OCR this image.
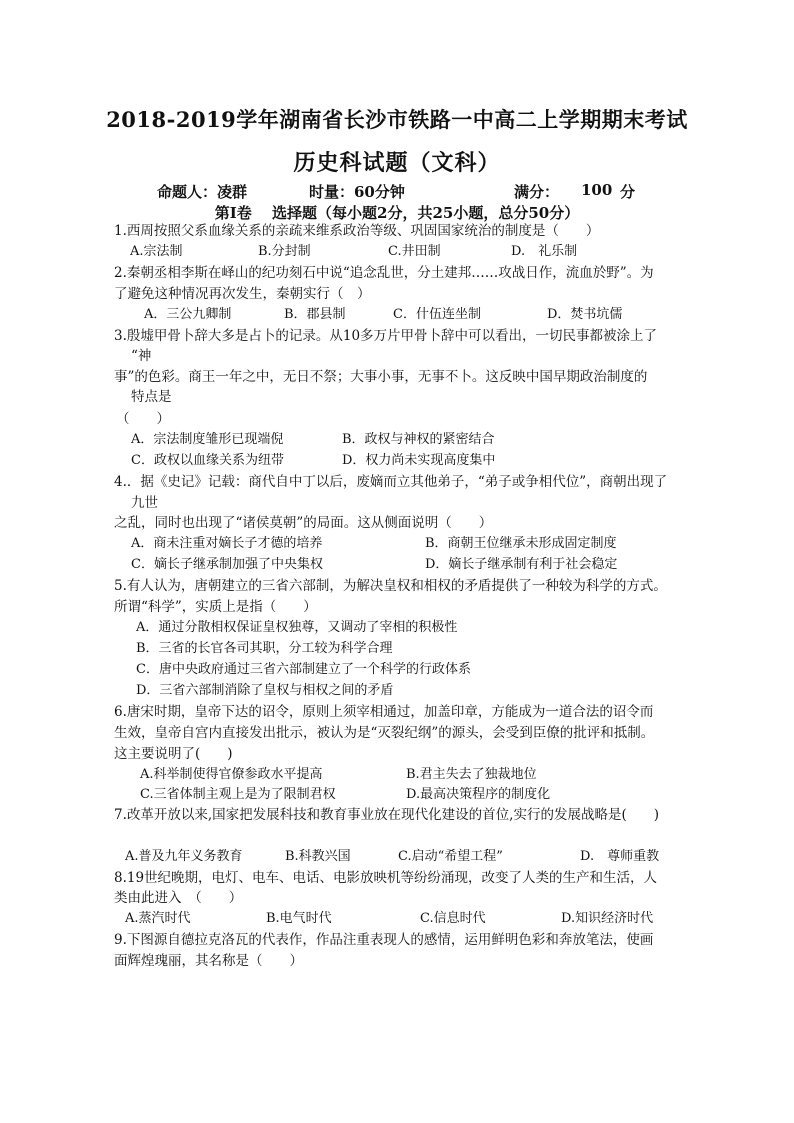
2018-2019学年湖南省长沙市铁路一中高二上学期期末考试
历史科试题（文科）
命题人：凌群	时量：60分钟	满分： 100 分
第Ⅰ卷　 选择题（每小题2分，共25小题，总分50分）
1.西周按照父系血缘关系的亲疏来维系政治等级、巩固国家统治的制度是（　　）
A.宗法制	B.分封制	C.井田制	D.　礼乐制
2.秦朝丞相李斯在峄山的纪功刻石中说“追念乱世，分土建邦……攻战日作，流血於野”。为
了避免这种情况再次发生，秦朝实行（　）
A．三公九卿制	B．郡县制	C．什伍连坐制	D．焚书坑儒
3.殷墟甲骨卜辞大多是占卜的记录。从10多万片甲骨卜辞中可以看出，一切民事都被涂上了
“神
事”的色彩。商王一年之中，无日不祭；大事小事，无事不卜。这反映中国早期政治制度的
特点是
（　　）
A．宗法制度雏形已现端倪	B．政权与神权的紧密结合
C．政权以血缘关系为纽带	D．权力尚未实现高度集中
4.．据《史记》记载：商代自中丁以后，废嫡而立其他弟子，“弟子或争相代位”，商朝出现了
九世
之乱，同时也出现了“诸侯莫朝”的局面。这从侧面说明（　　）
A．商未注重对嫡长子才德的培养	B．商朝王位继承未形成固定制度
C．嫡长子继承制加强了中央集权	D．嫡长子继承制有利于社会稳定
5.有人认为，唐朝建立的三省六部制，为解决皇权和相权的矛盾提供了一种较为科学的方式。
所谓“科学”，实质上是指（　　）
A．通过分散相权保证皇权独尊，又调动了宰相的积极性
B．三省的长官各司其职，分工较为科学合理
C．唐中央政府通过三省六部制建立了一个科学的行政体系
D．三省六部制消除了皇权与相权之间的矛盾
6.唐宋时期，皇帝下达的诏令，原则上须宰相通过，加盖印章，方能成为一道合法的诏令而
生效，皇帝自宫内直接发出批示，被认为是“灭裂纪纲”的源头，会受到臣僚的批评和抵制。
这主要说明了(　　)
A.科举制使得官僚参政水平提高	B.君主失去了独裁地位
C.三省体制主观上是为了限制君权	D.最高决策程序的制度化
7.改革开放以来,国家把发展科技和教育事业放在现代化建设的首位,实行的发展战略是(　　)
A.普及九年义务教育	B.科教兴国	C.启动“希望工程”	D.　尊师重教
8.19世纪晚期，电灯、电车、电话、电影放映机等纷纷涌现，改变了人类的生产和生活，人
类由此进入　（　　）
A.蒸汽时代	B.电气时代	C.信息时代	D.知识经济时代
9.下图源自德拉克洛瓦的代表作，作品注重表现人的感情，运用鲜明色彩和奔放笔法，使画
面辉煌瑰丽，其名称是（　　）
